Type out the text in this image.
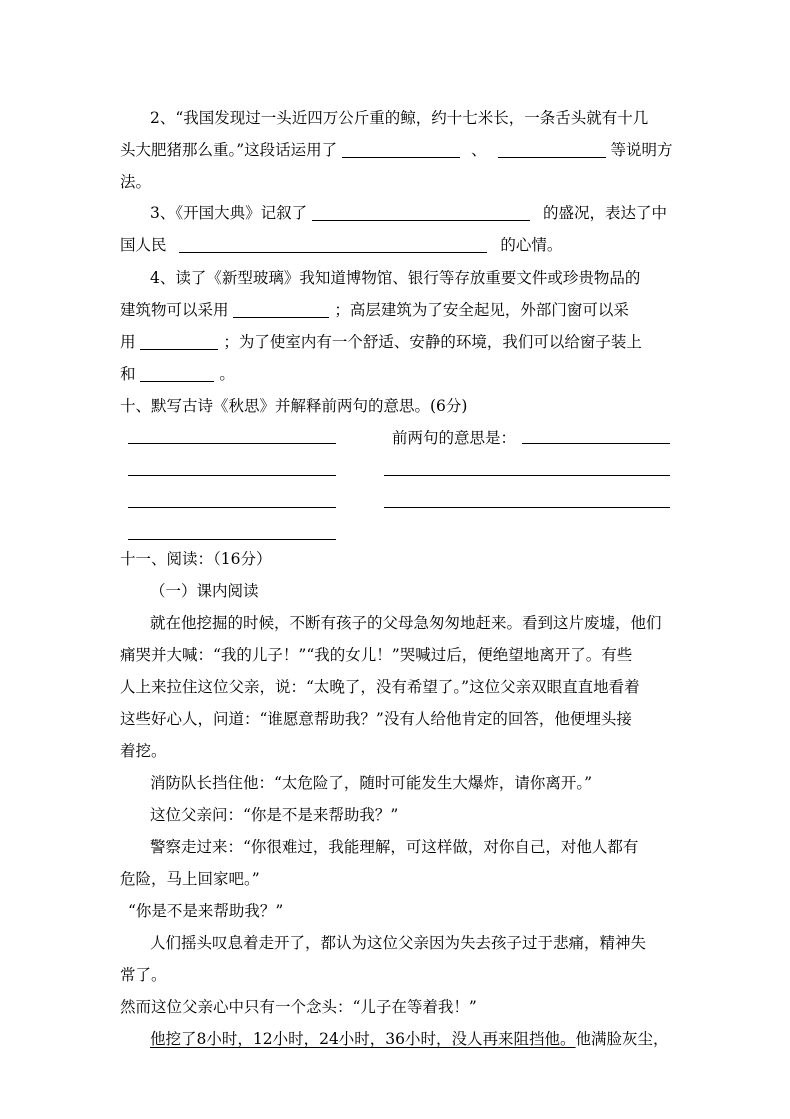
2、“我国发现过一头近四万公斤重的鲸，约十七米长，一条舌头就有十几
头大肥猪那么重。”这段话运用了	、	等说明方
法。
3、《开国大典》记叙了	的盛况，表达了中
国人民	的心情。
4、读了《新型玻璃》我知道博物馆、银行等存放重要文件或珍贵物品的
建筑物可以采用	；高层建筑为了安全起见，外部门窗可以采
用	；为了使室内有一个舒适、安静的环境，我们可以给窗子装上
和	。
十、默写古诗《秋思》并解释前两句的意思。(6分)
前两句的意思是：
十一、阅读：（16分）
（一）课内阅读
就在他挖掘的时候，不断有孩子的父母急匆匆地赶来。看到这片废墟，他们
痛哭并大喊：“我的儿子！”“我的女儿！”哭喊过后，便绝望地离开了。有些
人上来拉住这位父亲，说：“太晚了，没有希望了。”这位父亲双眼直直地看着
这些好心人，问道：“谁愿意帮助我？”没有人给他肯定的回答，他便埋头接
着挖。
消防队长挡住他：“太危险了，随时可能发生大爆炸，请你离开。”
这位父亲问：“你是不是来帮助我？”
警察走过来：“你很难过，我能理解，可这样做，对你自己，对他人都有
危险，马上回家吧。”
“你是不是来帮助我？”
人们摇头叹息着走开了，都认为这位父亲因为失去孩子过于悲痛，精神失
常了。
然而这位父亲心中只有一个念头：“儿子在等着我！”
他挖了8小时，12小时，24小时，36小时，没人再来阻挡他。他满脸灰尘，
